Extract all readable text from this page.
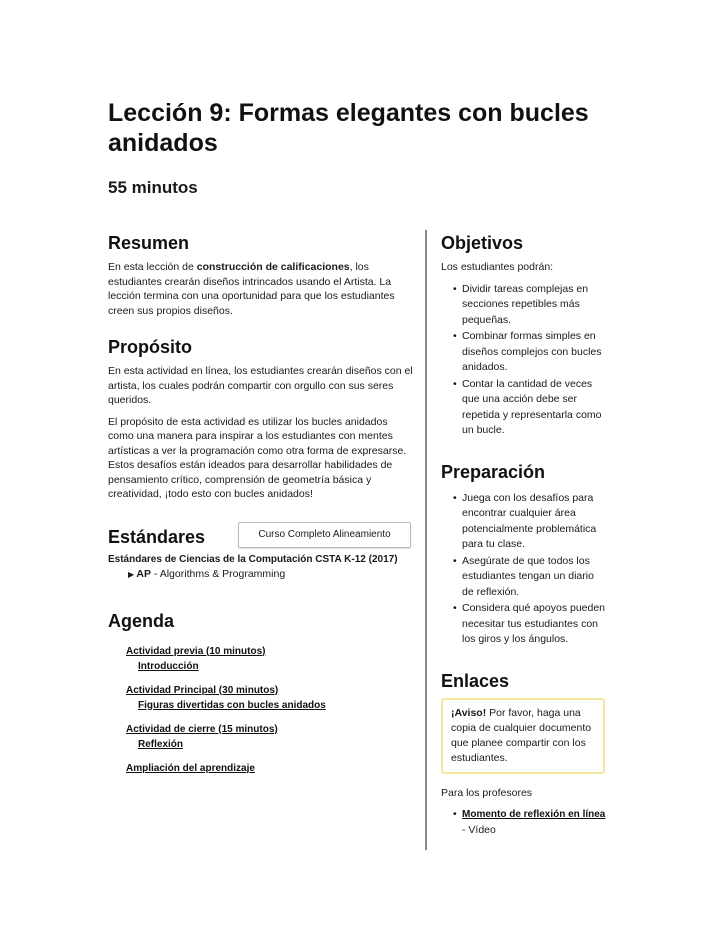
Lección 9: Formas elegantes con bucles anidados
55 minutos
Resumen

En esta lección de construcción de calificaciones, los estudiantes crearán diseños intrincados usando el Artista. La lección termina con una oportunidad para que los estudiantes creen sus propios diseños.

Propósito

En esta actividad en línea, los estudiantes crearán diseños con el artista, los cuales podrán compartir con orgullo con sus seres queridos.

El propósito de esta actividad es utilizar los bucles anidados como una manera para inspirar a los estudiantes con mentes artísticas a ver la programación como otra forma de expresarse. Estos desafíos están ideados para desarrollar habilidades de pensamiento crítico, comprensión de geometría básica y creatividad, ¡todo esto con bucles anidados!

Estándares	Curso Completo Alineamiento
Estándares de Ciencias de la Computación CSTA K-12 (2017)
▶ AP - Algorithms & Programming
Agenda
Actividad previa (10 minutos)
Introducción
Actividad Principal (30 minutos)
Figuras divertidas con bucles anidados
Actividad de cierre (15 minutos)
Reflexión
Ampliación del aprendizaje
Objetivos

Los estudiantes podrán:

• Dividir tareas complejas en secciones repetibles más pequeñas.
• Combinar formas simples en diseños complejos con bucles anidados.
• Contar la cantidad de veces que una acción debe ser repetida y representarla como un bucle.
Preparación
• Juega con los desafíos para encontrar cualquier área potencialmente problemática para tu clase.
• Asegúrate de que todos los estudiantes tengan un diario de reflexión.
• Considera qué apoyos pueden necesitar tus estudiantes con los giros y los ángulos.
Enlaces
¡Aviso! Por favor, haga una copia de cualquier documento que planee compartir con los estudiantes.

Para los profesores

• Momento de reflexión en línea - Vídeo
